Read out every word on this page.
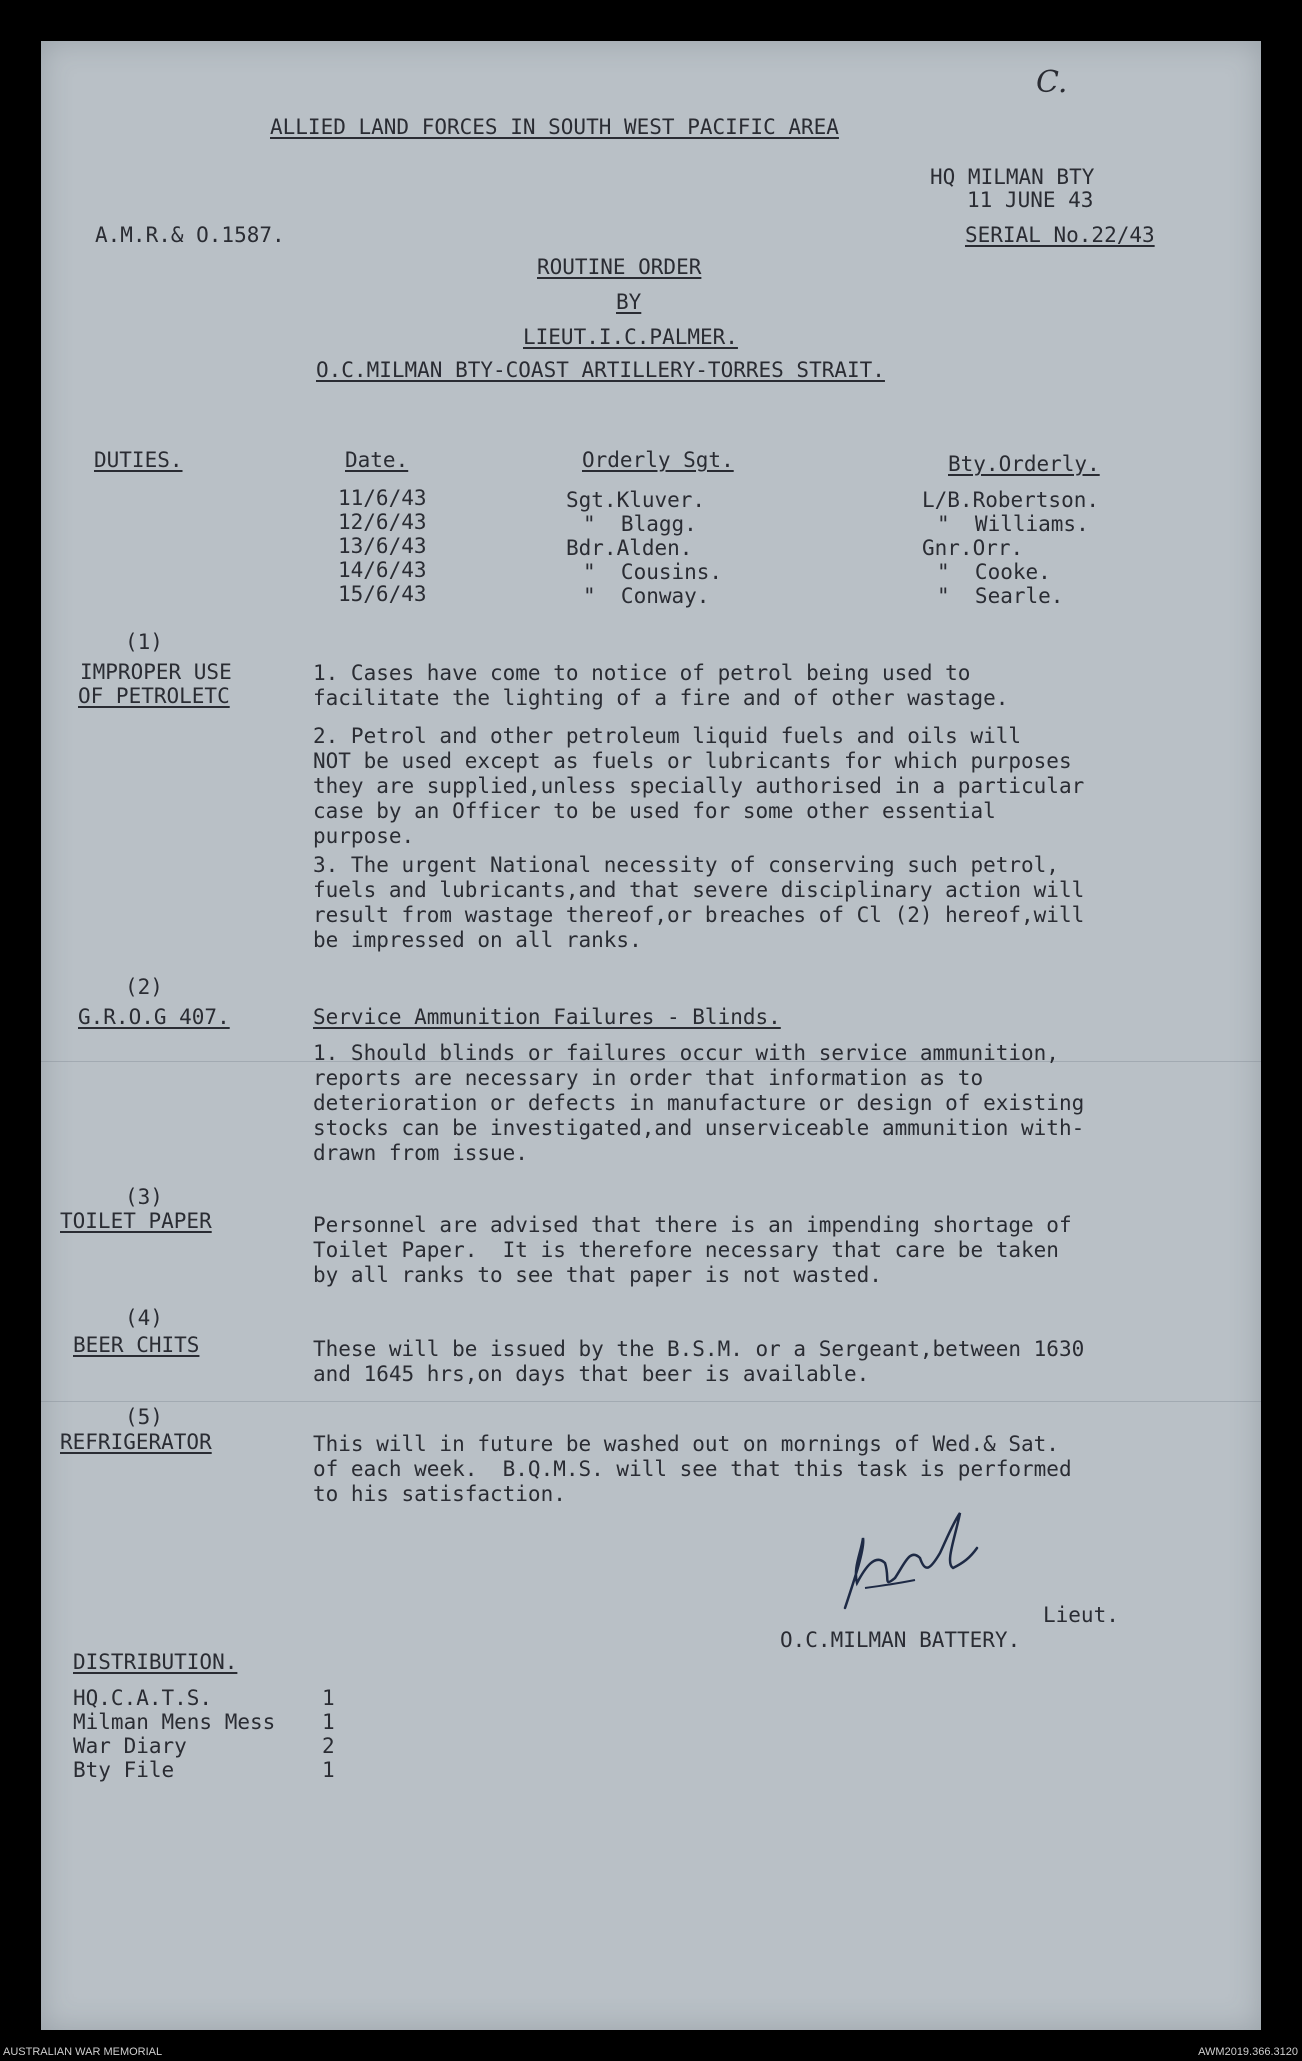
C.
ALLIED LAND FORCES IN SOUTH WEST PACIFIC AREA
HQ MILMAN BTY
11 JUNE 43
A.M.R.& O.1587.	SERIAL No.22/43
ROUTINE ORDER
BY
LIEUT.I.C.PALMER.
O.C.MILMAN BTY-COAST ARTILLERY-TORRES STRAIT.
DUTIES.	Date.	Orderly Sgt.	Bty.Orderly.
11/6/43	Sgt.Kluver.	L/B.Robertson.
12/6/43	"  Blagg.	"  Williams.
13/6/43	Bdr.Alden.	Gnr.Orr.
14/6/43	"  Cousins.	"  Cooke.
15/6/43	"  Conway.	"  Searle.
(1)
IMPROPER USE
OF PETROLETC
1. Cases have come to notice of petrol being used to
facilitate the lighting of a fire and of other wastage.
2. Petrol and other petroleum liquid fuels and oils will
NOT be used except as fuels or lubricants for which purposes
they are supplied,unless specially authorised in a particular
case by an Officer to be used for some other essential
purpose.
3. The urgent National necessity of conserving such petrol,
fuels and lubricants,and that severe disciplinary action will
result from wastage thereof,or breaches of Cl (2) hereof,will
be impressed on all ranks.
(2)
G.R.O.G 407.	Service Ammunition Failures - Blinds.
1. Should blinds or failures occur with service ammunition,
reports are necessary in order that information as to
deterioration or defects in manufacture or design of existing
stocks can be investigated,and unserviceable ammunition with-
drawn from issue.
(3)
TOILET PAPER	Personnel are advised that there is an impending shortage of
Toilet Paper.  It is therefore necessary that care be taken
by all ranks to see that paper is not wasted.
(4)
BEER CHITS	These will be issued by the B.S.M. or a Sergeant,between 1630
and 1645 hrs,on days that beer is available.
(5)
REFRIGERATOR	This will in future be washed out on mornings of Wed.& Sat.
of each week.  B.Q.M.S. will see that this task is performed
to his satisfaction.
Lieut.
O.C.MILMAN BATTERY.
DISTRIBUTION.
HQ.C.A.T.S.	1
Milman Mens Mess 1
War Diary	2
Bty File	1
AUSTRALIAN WAR MEMORIAL	AWM2019.366.3120
